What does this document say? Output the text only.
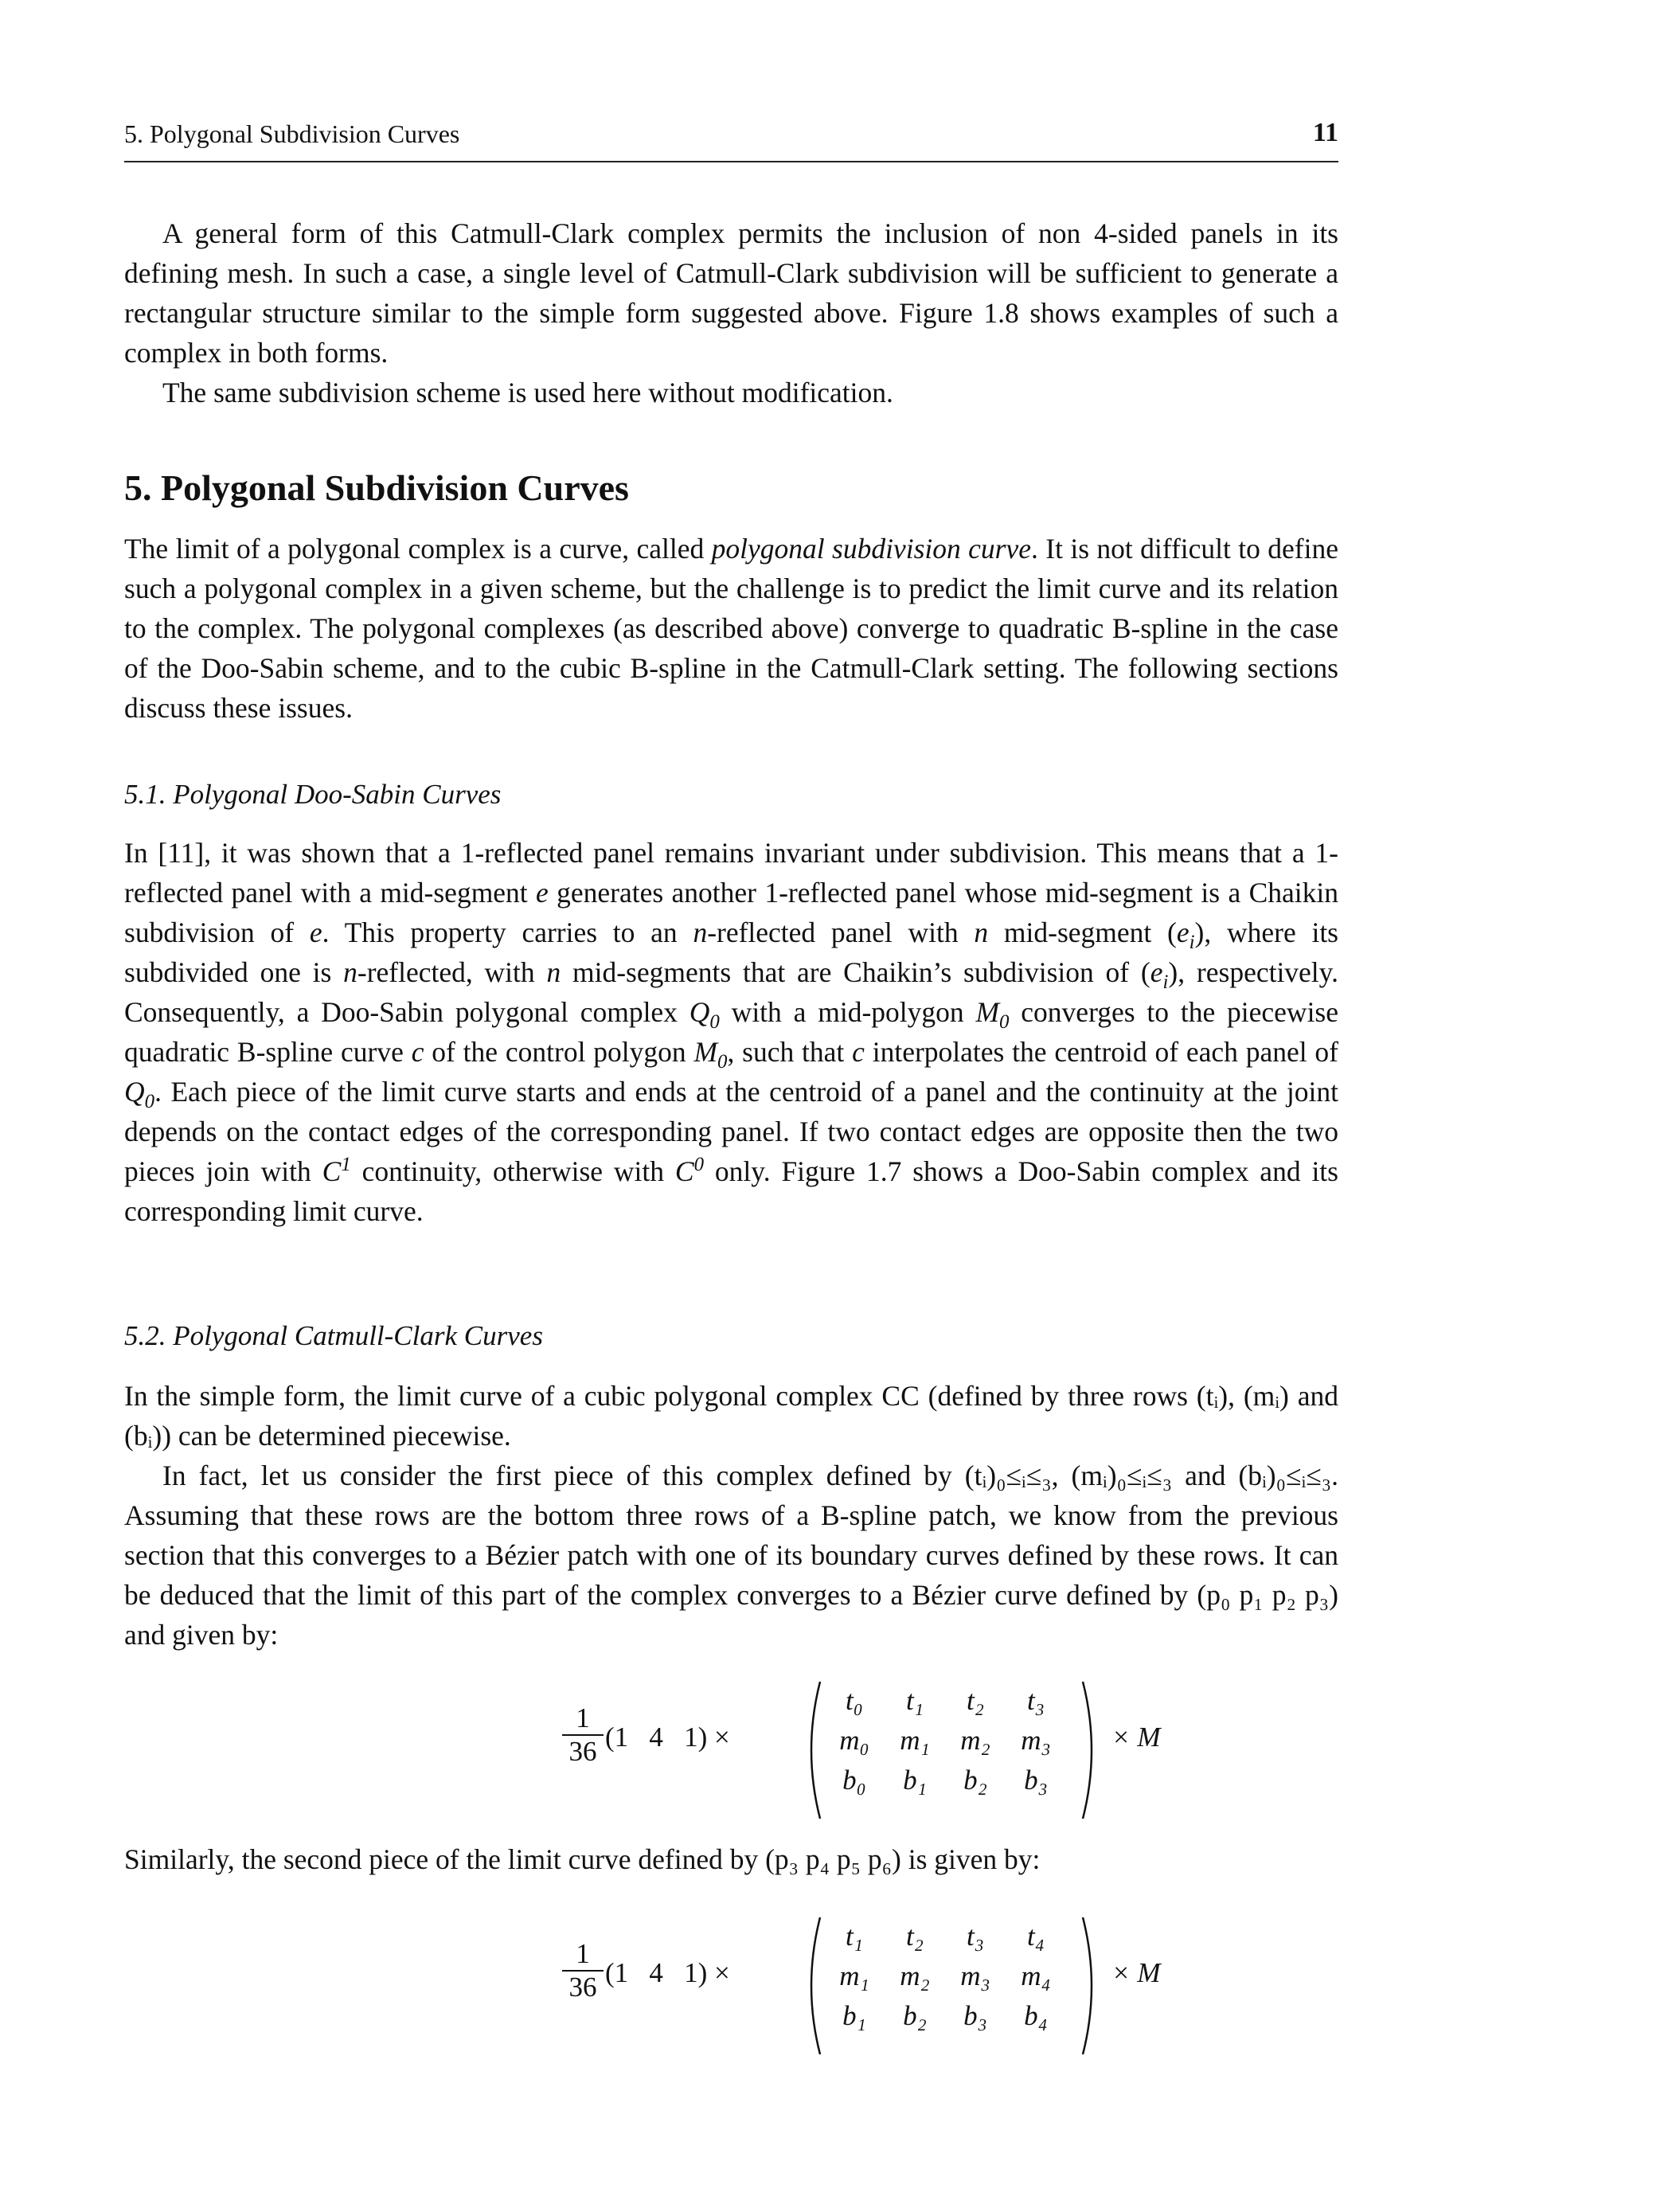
5. Polygonal Subdivision Curves	11
A general form of this Catmull-Clark complex permits the inclusion of non 4-sided panels in its defining mesh. In such a case, a single level of Catmull-Clark subdivision will be sufficient to generate a rectangular structure similar to the simple form suggested above. Figure 1.8 shows examples of such a complex in both forms.
The same subdivision scheme is used here without modification.
5. Polygonal Subdivision Curves
The limit of a polygonal complex is a curve, called polygonal subdivision curve. It is not difficult to define such a polygonal complex in a given scheme, but the challenge is to predict the limit curve and its relation to the complex. The polygonal complexes (as described above) converge to quadratic B-spline in the case of the Doo-Sabin scheme, and to the cubic B-spline in the Catmull-Clark setting. The following sections discuss these issues.
5.1. Polygonal Doo-Sabin Curves
In [11], it was shown that a 1-reflected panel remains invariant under subdivision. This means that a 1-reflected panel with a mid-segment e generates another 1-reflected panel whose mid-segment is a Chaikin subdivision of e. This property carries to an n-reflected panel with n mid-segment $(e_i)$, where its subdivided one is n-reflected, with n mid-segments that are Chaikin’s subdivision of $(e_i)$, respectively. Consequently, a Doo-Sabin polygonal complex $Q_0$ with a mid-polygon $M_0$ converges to the piecewise quadratic B-spline curve c of the control polygon $M_0$, such that c interpolates the centroid of each panel of $Q_0$. Each piece of the limit curve starts and ends at the centroid of a panel and the continuity at the joint depends on the contact edges of the corresponding panel. If two contact edges are opposite then the two pieces join with $C^1$ continuity, otherwise with $C^0$ only. Figure 1.7 shows a Doo-Sabin complex and its corresponding limit curve.
5.2. Polygonal Catmull-Clark Curves
In the simple form, the limit curve of a cubic polygonal complex CC (defined by three rows (tᵢ), (mᵢ) and (bᵢ)) can be determined piecewise.
In fact, let us consider the first piece of this complex defined by (tᵢ)₀≤ᵢ≤₃, (mᵢ)₀≤ᵢ≤₃ and (bᵢ)₀≤ᵢ≤₃. Assuming that these rows are the bottom three rows of a B-spline patch, we know from the previous section that this converges to a Bézier patch with one of its boundary curves defined by these rows. It can be deduced that the limit of this part of the complex converges to a Bézier curve defined by (p₀ p₁ p₂ p₃) and given by:
$\frac{1}{36} (1$   4   1) ×
t₀	t₁	t₂	t₃
m₀	m₁	m₂	m₃
b₀	b₁	b₂	b₃
× M
Similarly, the second piece of the limit curve defined by (p₃ p₄ p₅ p₆) is given by:
$\frac{1}{36} (1$   4   1) ×
t₁	t₂	t₃	t₄
m₁	m₂	m₃	m₄
b₁	b₂	b₃	b₄
× M
